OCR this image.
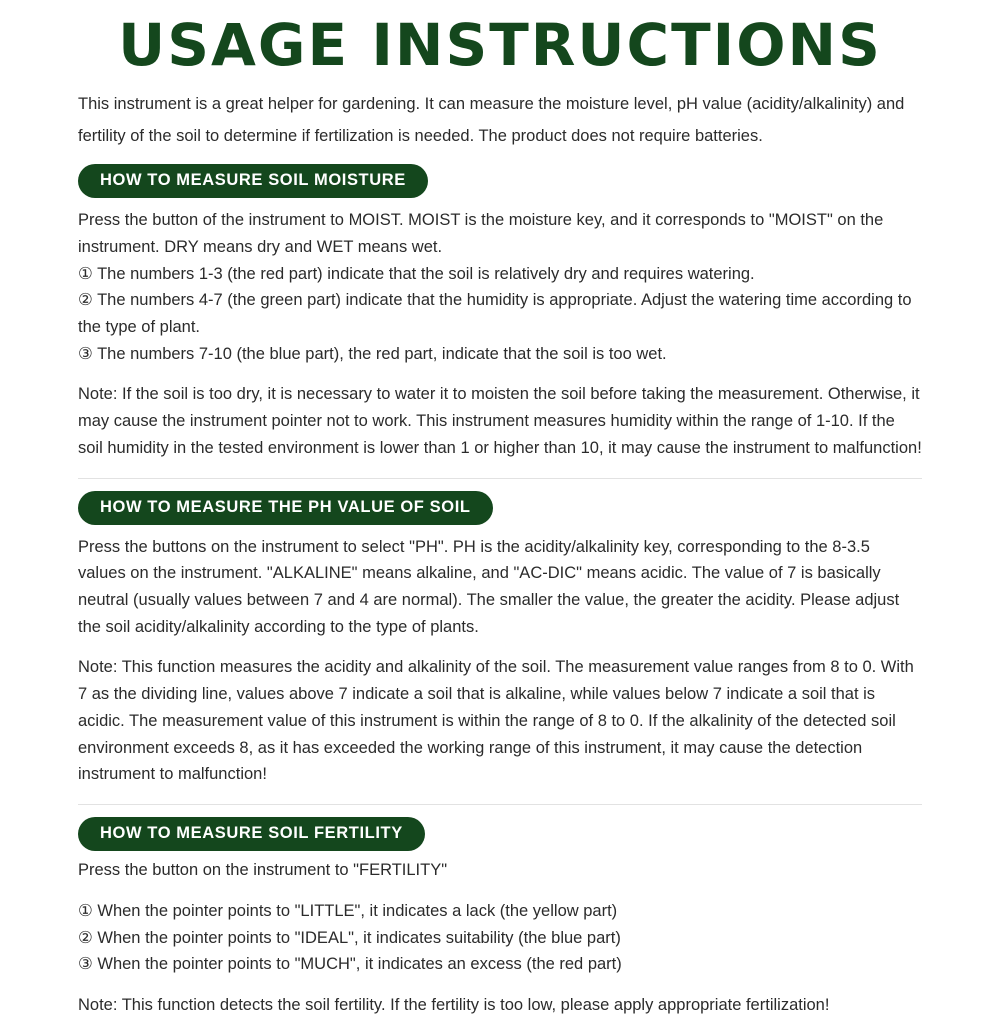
USAGE INSTRUCTIONS

This instrument is a great helper for gardening. It can measure the moisture level, pH value (acidity/alkalinity) and fertility of the soil to determine if fertilization is needed. The product does not require batteries.

HOW TO MEASURE SOIL MOISTURE

Press the button of the instrument to MOIST. MOIST is the moisture key, and it corresponds to "MOIST" on the instrument. DRY means dry and WET means wet.

① The numbers 1-3 (the red part) indicate that the soil is relatively dry and requires watering.

② The numbers 4-7 (the green part) indicate that the humidity is appropriate. Adjust the watering time according to the type of plant.

③ The numbers 7-10 (the blue part), the red part, indicate that the soil is too wet.

Note: If the soil is too dry, it is necessary to water it to moisten the soil before taking the measurement. Otherwise, it may cause the instrument pointer not to work. This instrument measures humidity within the range of 1-10. If the soil humidity in the tested environment is lower than 1 or higher than 10, it may cause the instrument to malfunction!

HOW TO MEASURE THE PH VALUE OF SOIL

Press the buttons on the instrument to select "PH". PH is the acidity/alkalinity key, corresponding to the 8-3.5 values on the instrument. "ALKALINE" means alkaline, and "AC-DIC" means acidic. The value of 7 is basically neutral (usually values between 7 and 4 are normal). The smaller the value, the greater the acidity. Please adjust the soil acidity/alkalinity according to the type of plants.

Note: This function measures the acidity and alkalinity of the soil. The measurement value ranges from 8 to 0. With 7 as the dividing line, values above 7 indicate a soil that is alkaline, while values below 7 indicate a soil that is acidic. The measurement value of this instrument is within the range of 8 to 0. If the alkalinity of the detected soil environment exceeds 8, as it has exceeded the working range of this instrument, it may cause the detection instrument to malfunction!

HOW TO MEASURE SOIL FERTILITY

Press the button on the instrument to "FERTILITY"

① When the pointer points to "LITTLE", it indicates a lack (the yellow part)

② When the pointer points to "IDEAL", it indicates suitability (the blue part)

③ When the pointer points to "MUCH", it indicates an excess (the red part)

Note: This function detects the soil fertility. If the fertility is too low, please apply appropriate fertilization!
